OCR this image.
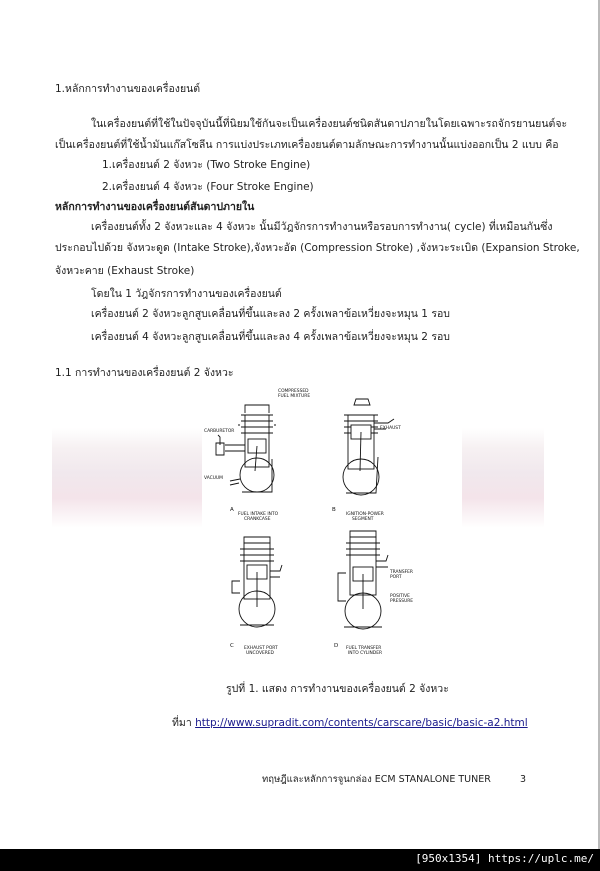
1.หลักการทำงานของเครื่องยนต์
ในเครื่องยนต์ที่ใช้ในปัจจุบันนี้ที่นิยมใช้กันจะเป็นเครื่องยนต์ชนิดสันดาปภายในโดยเฉพาะรถจักรยานยนต์จะ
เป็นเครื่องยนต์ที่ใช้น้ำมันแก๊สโซลีน การแบ่งประเภทเครื่องยนต์ตามลักษณะการทำงานนั้นแบ่งออกเป็น 2 แบบ คือ
1.เครื่องยนต์ 2 จังหวะ (Two Stroke Engine)
2.เครื่องยนต์ 4 จังหวะ (Four Stroke Engine)
หลักการทำงานของเครื่องยนต์สันดาปภายใน
เครื่องยนต์ทั้ง 2 จังหวะและ 4 จังหวะ นั้นมีวัฎจักรการทำงานหรือรอบการทำงาน( cycle) ที่เหมือนกันซึ่ง
ประกอบไปด้วย จังหวะดูด (Intake Stroke),จังหวะอัด (Compression Stroke) ,จังหวะระเบิด (Expansion Stroke,
จังหวะคาย (Exhaust Stroke)
โดยใน 1 วัฎจักรการทำงานของเครื่องยนต์
เครื่องยนต์ 2 จังหวะลูกสูบเคลื่อนที่ขึ้นและลง 2 ครั้งเพลาข้อเหวี่ยงจะหมุน 1 รอบ
เครื่องยนต์ 4 จังหวะลูกสูบเคลื่อนที่ขึ้นและลง 4 ครั้งเพลาข้อเหวี่ยงจะหมุน 2 รอบ
1.1 การทำงานของเครื่องยนต์ 2 จังหวะ
COMPRESSED
FUEL MIXTURE
CARBURETOR
VACUUM
EXHAUST
TRANSFER
PORT
POSITIVE
PRESSURE
A
FUEL INTAKE INTO
CRANKCASE
B
IGNITION-POWER
SEGMENT
C EXHAUST PORT
UNCOVERED
D FUEL TRANSFER
INTO CYLINDER
รูปที่ 1. แสดง การทำงานของเครื่องยนต์ 2 จังหวะ
ที่มา http://www.supradit.com/contents/carscare/basic/basic-a2.html
ทฤษฎีและหลักการจูนกล่อง ECM STANALONE TUNER	3
[950x1354] https://uplc.me/
